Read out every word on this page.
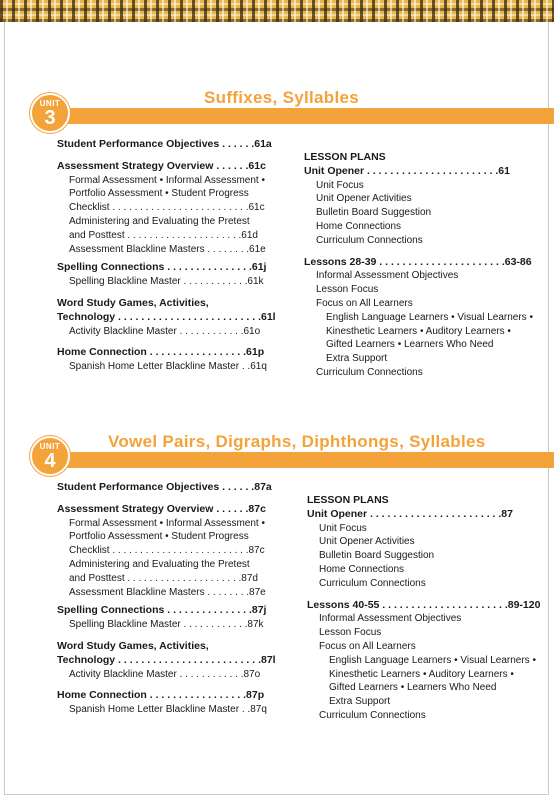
UNIT
3
Suffixes, Syllables
Student Performance Objectives . . . . . .61a
Assessment Strategy Overview . . . . . .61c
Formal Assessment • Informal Assessment •
Portfolio Assessment • Student Progress
Checklist . . . . . . . . . . . . . . . . . . . . . . . . .61c
Administering and Evaluating the Pretest
and Posttest . . . . . . . . . . . . . . . . . . . . .61d
Assessment Blackline Masters . . . . . . . .61e
Spelling Connections . . . . . . . . . . . . . . .61j
Spelling Blackline Master . . . . . . . . . . . .61k
Word Study Games, Activities,
Technology . . . . . . . . . . . . . . . . . . . . . . . . .61l
Activity Blackline Master . . . . . . . . . . . .61o
Home Connection . . . . . . . . . . . . . . . . .61p
Spanish Home Letter Blackline Master . .61q
LESSON PLANS
Unit Opener . . . . . . . . . . . . . . . . . . . . . . .61
Unit Focus
Unit Opener Activities
Bulletin Board Suggestion
Home Connections
Curriculum Connections
Lessons 28-39 . . . . . . . . . . . . . . . . . . . . . .63-86
Informal Assessment Objectives
Lesson Focus
Focus on All Learners
English Language Learners • Visual Learners •
Kinesthetic Learners • Auditory Learners •
Gifted Learners • Learners Who Need
Extra Support
Curriculum Connections
UNIT
4
Vowel Pairs, Digraphs, Diphthongs, Syllables
Student Performance Objectives . . . . . .87a
Assessment Strategy Overview . . . . . .87c
Formal Assessment • Informal Assessment •
Portfolio Assessment • Student Progress
Checklist . . . . . . . . . . . . . . . . . . . . . . . . .87c
Administering and Evaluating the Pretest
and Posttest . . . . . . . . . . . . . . . . . . . . .87d
Assessment Blackline Masters . . . . . . . .87e
Spelling Connections . . . . . . . . . . . . . . .87j
Spelling Blackline Master . . . . . . . . . . . .87k
Word Study Games, Activities,
Technology . . . . . . . . . . . . . . . . . . . . . . . . .87l
Activity Blackline Master . . . . . . . . . . . .87o
Home Connection . . . . . . . . . . . . . . . . .87p
Spanish Home Letter Blackline Master . .87q
LESSON PLANS
Unit Opener . . . . . . . . . . . . . . . . . . . . . . .87
Unit Focus
Unit Opener Activities
Bulletin Board Suggestion
Home Connections
Curriculum Connections
Lessons 40-55 . . . . . . . . . . . . . . . . . . . . . .89-120
Informal Assessment Objectives
Lesson Focus
Focus on All Learners
English Language Learners • Visual Learners •
Kinesthetic Learners • Auditory Learners •
Gifted Learners • Learners Who Need
Extra Support
Curriculum Connections
